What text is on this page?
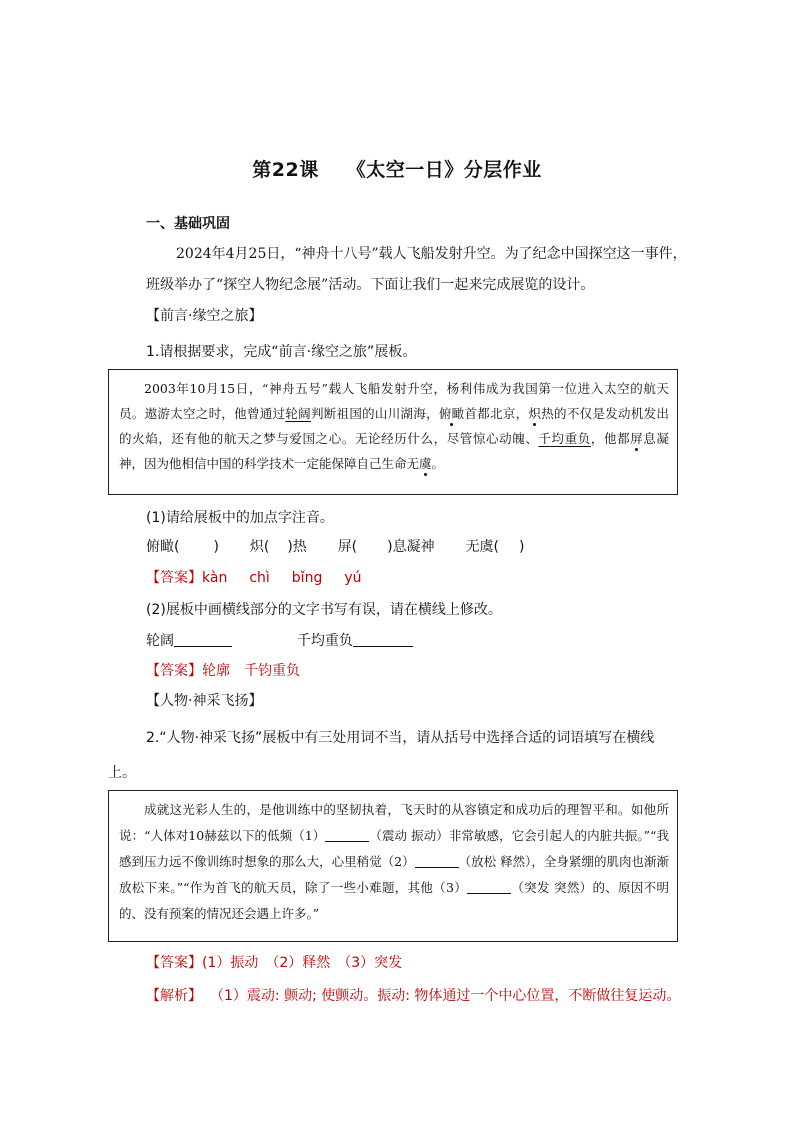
第22课 《太空一日》分层作业
一、基础巩固
2024年4月25日，“神舟十八号”载人飞船发射升空。为了纪念中国探空这一事件，
班级举办了“探空人物纪念展”活动。下面让我们一起来完成展览的设计。
【前言·缘空之旅】
1.请根据要求，完成“前言·缘空之旅”展板。

2003年10月15日，“神舟五号”载人飞船发射升空，杨利伟成为我国第一位进入太空的航天员。遨游太空之时，他曾通过轮阔判断祖国的山川湖海，俯瞰首都北京，炽热的不仅是发动机发出的火焰，还有他的航天之梦与爱国之心。无论经历什么，尽管惊心动魄、千均重负，他都屏息凝神，因为他相信中国的科学技术一定能保障自己生命无虞。

(1)请给展板中的加点字注音。
俯瞰( ) 炽( )热 屏( )息凝神 无虞( )
【答案】kàn chì bǐng yú
(2)展板中画横线部分的文字书写有误，请在横线上修改。
轮阔	千均重负
【答案】轮廓　千钧重负
【人物·神采飞扬】
2.“人物·神采飞扬”展板中有三处用词不当，请从括号中选择合适的词语填写在横线
上。

成就这光彩人生的，是他训练中的坚韧执着，飞天时的从容镇定和成功后的理智平和。如他所说：“人体对10赫兹以下的低频（1）	（震动 振动）非常敏感，它会引起人的内脏共振。”“我感到压力远不像训练时想象的那么大，心里稍觉（2）	（放松 释然），全身紧绷的肌肉也渐渐放松下来。”“作为首飞的航天员，除了一些小难题，其他（3）	（突发 突然）的、原因不明的、没有预案的情况还会遇上许多。”

【答案】(1）振动　（2）释然　（3）突发
【解析】 （1）震动: 颤动; 使颤动。振动: 物体通过一个中心位置，不断做往复运动。
